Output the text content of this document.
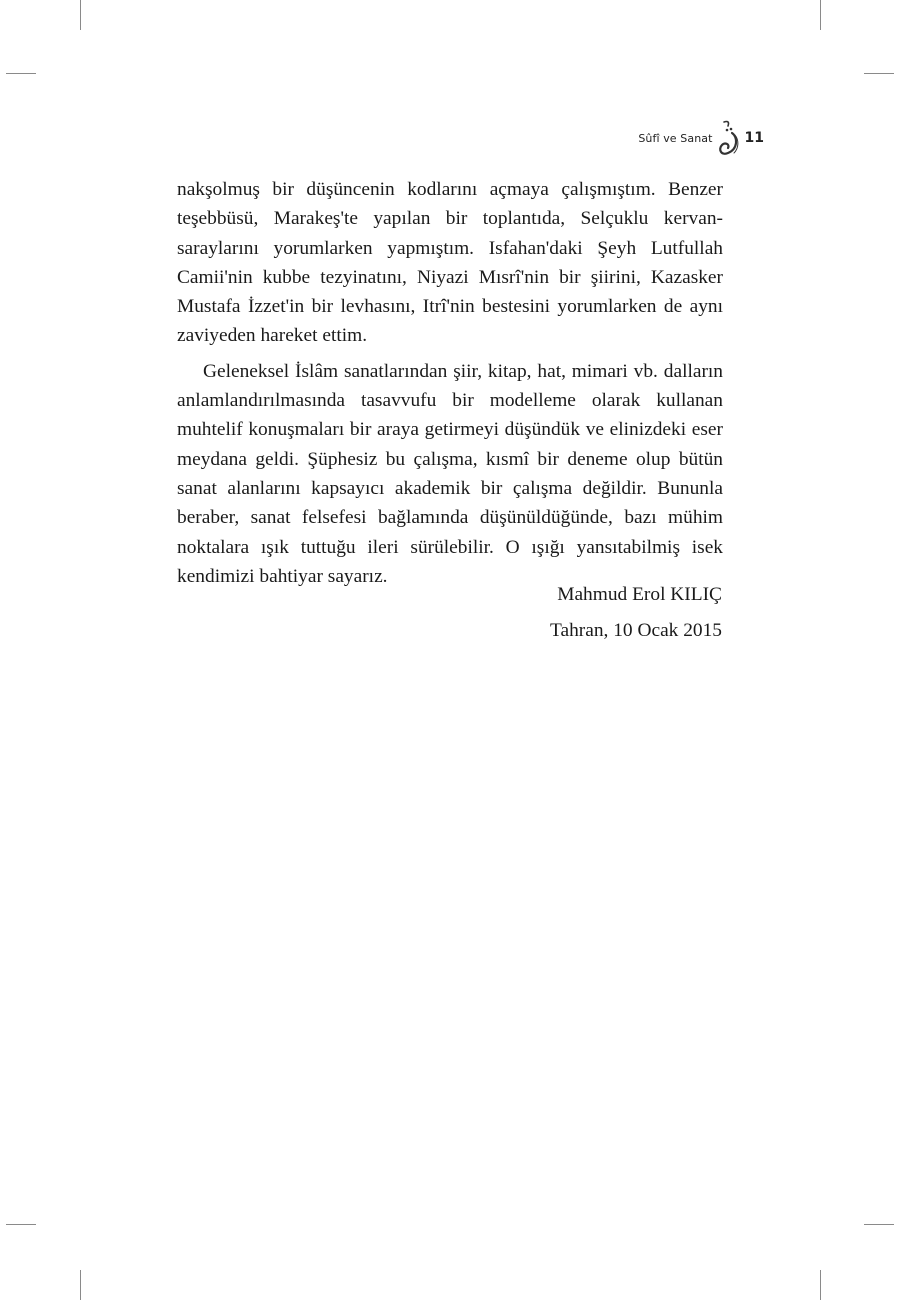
Sûfî ve Sanat 11

nakşolmuş bir düşüncenin kodlarını açmaya çalışmıştım. Benzer teşebbüsü, Marakeş'te yapılan bir toplantıda, Selçuklu kervansaraylarını yorumlarken yapmıştım. Isfahan'daki Şeyh Lutfullah Camii'nin kubbe tezyinatını, Niyazi Mısrî'nin bir şiirini, Kazasker Mustafa İzzet'in bir levhasını, Itrî'nin bestesini yorumlarken de aynı zaviyeden hareket ettim.

Geleneksel İslâm sanatlarından şiir, kitap, hat, mimari vb. dalların anlamlandırılmasında tasavvufu bir modelleme olarak kullanan muhtelif konuşmaları bir araya getirmeyi düşündük ve elinizdeki eser meydana geldi. Şüphesiz bu çalışma, kısmî bir deneme olup bütün sanat alanlarını kapsayıcı akademik bir çalışma değildir. Bununla beraber, sanat felsefesi bağlamında düşünüldüğünde, bazı mühim noktalara ışık tuttuğu ileri sürülebilir. O ışığı yansıtabilmiş isek kendimizi bahtiyar sayarız.

Mahmud Erol KILIÇ
Tahran, 10 Ocak 2015
